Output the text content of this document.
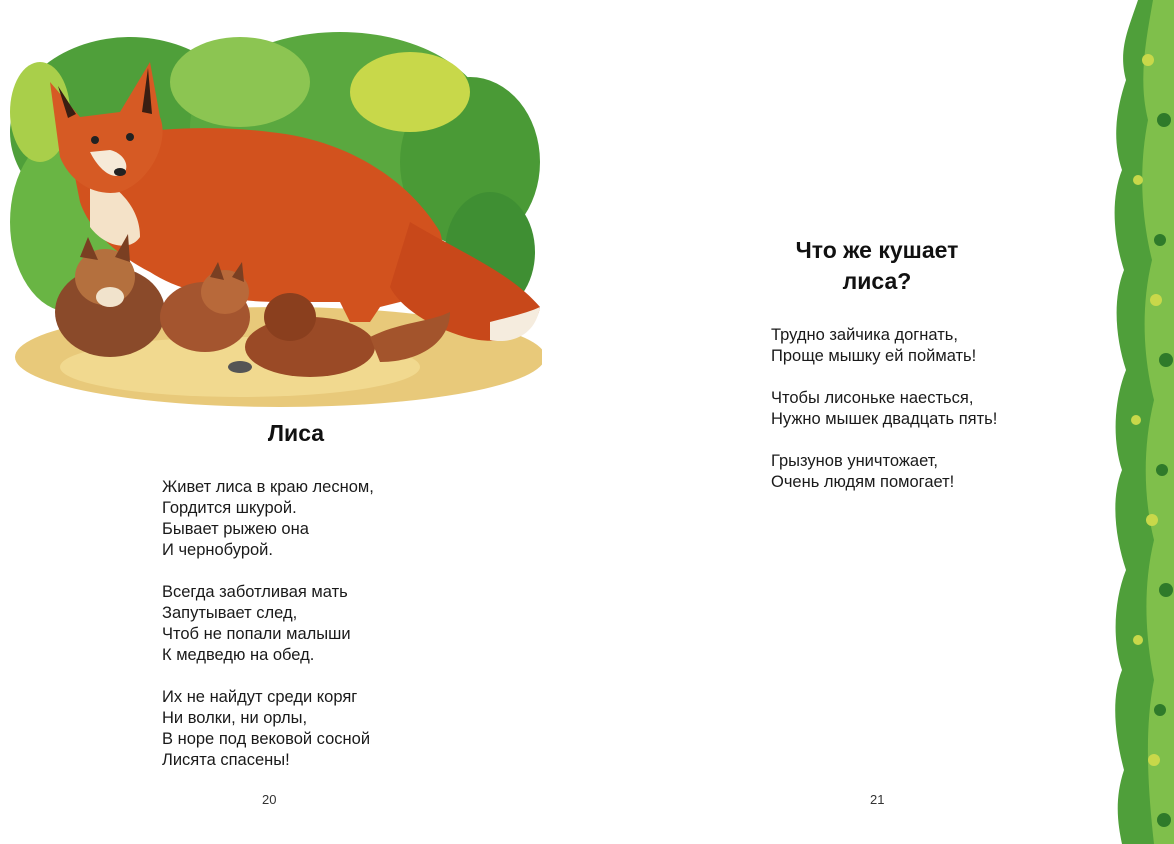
Лиса

Живет лиса в краю лесном,
Гордится шкурой.
Бывает рыжею она
И чернобурой.

Всегда заботливая мать
Запутывает след,
Чтоб не попали малыши
К медведю на обед.

Их не найдут среди коряг
Ни волки, ни орлы,
В норе под вековой сосной
Лисята спасены!

20
Что же кушает
лиса?

Трудно зайчика догнать,
Проще мышку ей поймать!

Чтобы лисоньке наесться,
Нужно мышек двадцать пять!

Грызунов уничтожает,
Очень людям помогает!

21
